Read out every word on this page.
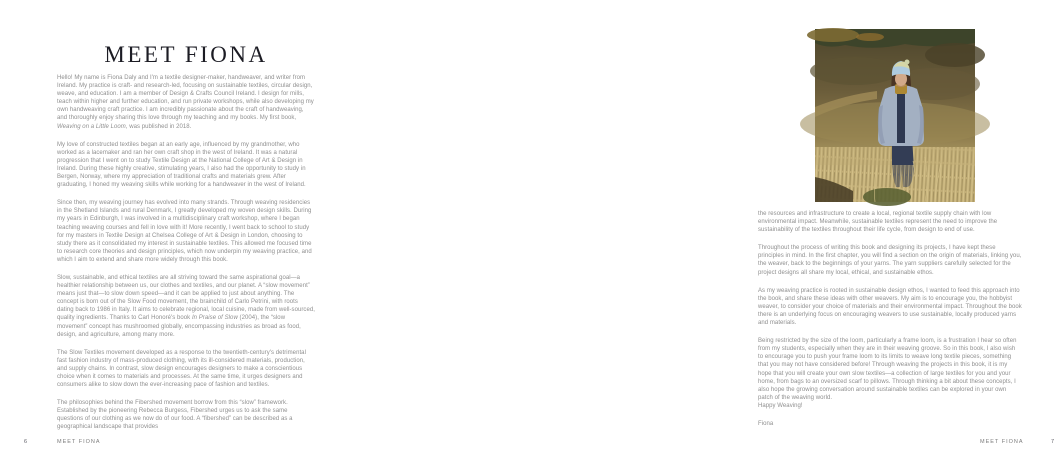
MEET FIONA

Hello! My name is Fiona Daly and I'm a textile designer-maker, handweaver, and writer from Ireland. My practice is craft- and research-led, focusing on sustainable textiles, circular design, weave, and education. I am a member of Design & Crafts Council Ireland. I design for mills, teach within higher and further education, and run private workshops, while also developing my own handweaving craft practice. I am incredibly passionate about the craft of handweaving, and thoroughly enjoy sharing this love through my teaching and my books. My first book, Weaving on a Little Loom, was published in 2018.

My love of constructed textiles began at an early age, influenced by my grandmother, who worked as a lacemaker and ran her own craft shop in the west of Ireland. It was a natural progression that I went on to study Textile Design at the National College of Art & Design in Ireland. During these highly creative, stimulating years, I also had the opportunity to study in Bergen, Norway, where my appreciation of traditional crafts and materials grew. After graduating, I honed my weaving skills while working for a handweaver in the west of Ireland.

Since then, my weaving journey has evolved into many strands. Through weaving residencies in the Shetland Islands and rural Denmark, I greatly developed my woven design skills. During my years in Edinburgh, I was involved in a multidisciplinary craft workshop, where I began teaching weaving courses and fell in love with it! More recently, I went back to school to study for my masters in Textile Design at Chelsea College of Art & Design in London, choosing to study there as it consolidated my interest in sustainable textiles. This allowed me focused time to research core theories and design principles, which now underpin my weaving practice, and which I aim to extend and share more widely through this book.

Slow, sustainable, and ethical textiles are all striving toward the same aspirational goal—a healthier relationship between us, our clothes and textiles, and our planet. A “slow movement” means just that—to slow down speed—and it can be applied to just about anything. The concept is born out of the Slow Food movement, the brainchild of Carlo Petrini, with roots dating back to 1986 in Italy. It aims to celebrate regional, local cuisine, made from well-sourced, quality ingredients. Thanks to Carl Honoré's book In Praise of Slow (2004), the “slow movement” concept has mushroomed globally, encompassing industries as broad as food, design, and agriculture, among many more.

The Slow Textiles movement developed as a response to the twentieth-century's detrimental fast fashion industry of mass-produced clothing, with its ill-considered materials, production, and supply chains. In contrast, slow design encourages designers to make a conscientious choice when it comes to materials and processes. At the same time, it urges designers and consumers alike to slow down the ever-increasing pace of fashion and textiles.

The philosophies behind the Fibershed movement borrow from this “slow” framework. Established by the pioneering Rebecca Burgess, Fibershed urges us to ask the same questions of our clothing as we now do of our food. A “fibershed” can be described as a geographical landscape that provides

6	MEET FIONA

the resources and infrastructure to create a local, regional textile supply chain with low environmental impact. Meanwhile, sustainable textiles represent the need to improve the sustainability of the textiles throughout their life cycle, from design to end of use.

Throughout the process of writing this book and designing its projects, I have kept these principles in mind. In the first chapter, you will find a section on the origin of materials, linking you, the weaver, back to the beginnings of your yarns. The yarn suppliers carefully selected for the project designs all share my local, ethical, and sustainable ethos.

As my weaving practice is rooted in sustainable design ethos, I wanted to feed this approach into the book, and share these ideas with other weavers. My aim is to encourage you, the hobbyist weaver, to consider your choice of materials and their environmental impact. Throughout the book there is an underlying focus on encouraging weavers to use sustainable, locally produced yarns and materials.

Being restricted by the size of the loom, particularly a frame loom, is a frustration I hear so often from my students, especially when they are in their weaving groove. So in this book, I also wish to encourage you to push your frame loom to its limits to weave long textile pieces, something that you may not have considered before! Through weaving the projects in this book, it is my hope that you will create your own slow textiles—a collection of large textiles for you and your home, from bags to an oversized scarf to pillows. Through thinking a bit about these concepts, I also hope the growing conversation around sustainable textiles can be explored in your own patch of the weaving world.

Happy Weaving!

Fiona

MEET FIONA	7
